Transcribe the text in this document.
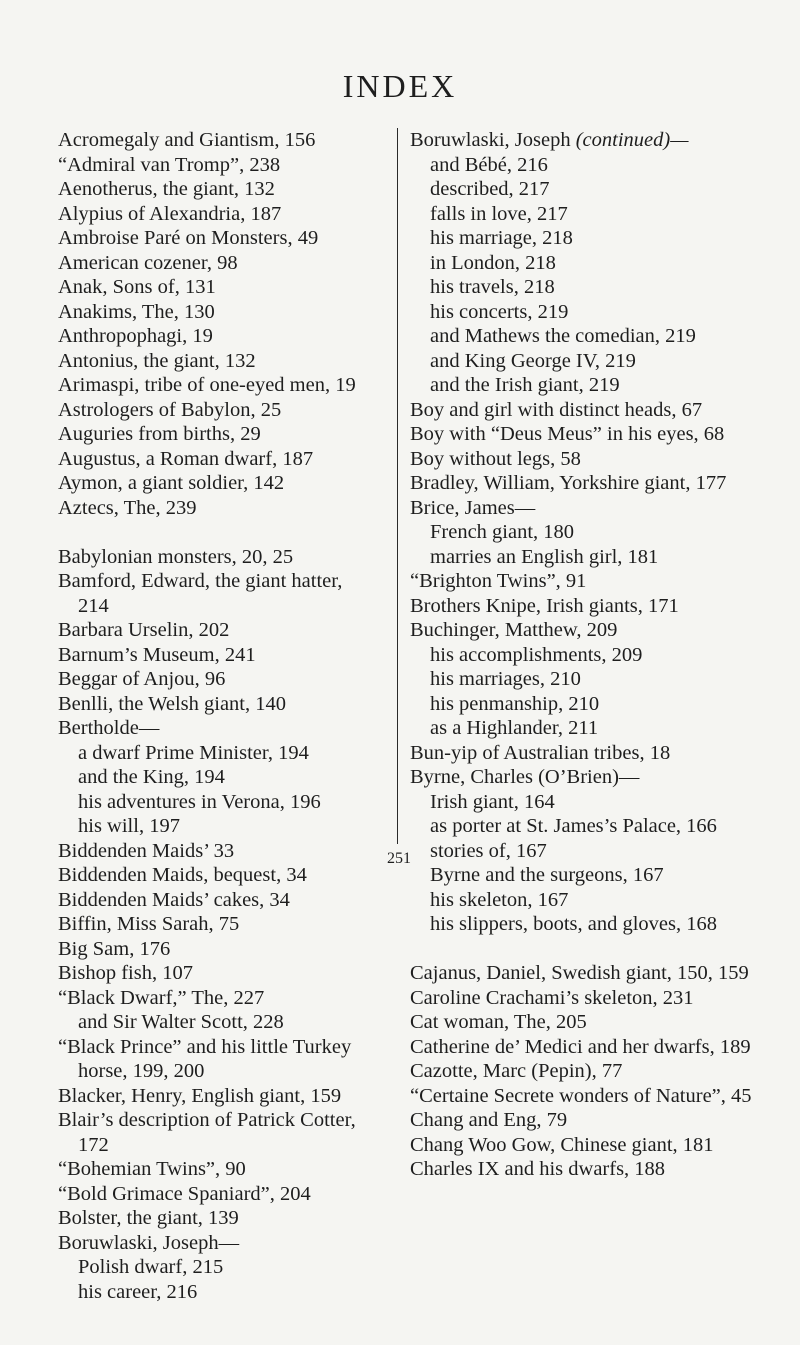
INDEX

Acromegaly and Giantism, 156

“Admiral van Tromp”, 238

Aenotherus, the giant, 132

Alypius of Alexandria, 187

Ambroise Paré on Monsters, 49

American cozener, 98

Anak, Sons of, 131

Anakims, The, 130

Anthropophagi, 19

Antonius, the giant, 132

Arimaspi, tribe of one-eyed men, 19

Astrologers of Babylon, 25

Auguries from births, 29

Augustus, a Roman dwarf, 187

Aymon, a giant soldier, 142

Aztecs, The, 239

Babylonian monsters, 20, 25

Bamford, Edward, the giant hatter, 214

Barbara Urselin, 202

Barnum’s Museum, 241

Beggar of Anjou, 96

Benlli, the Welsh giant, 140

Bertholde—

a dwarf Prime Minister, 194

and the King, 194

his adventures in Verona, 196

his will, 197

Biddenden Maids’ 33

Biddenden Maids, bequest, 34

Biddenden Maids’ cakes, 34

Biffin, Miss Sarah, 75

Big Sam, 176

Bishop fish, 107

“Black Dwarf,” The, 227

and Sir Walter Scott, 228

“Black Prince” and his little Turkey horse, 199, 200

Blacker, Henry, English giant, 159

Blair’s description of Patrick Cotter, 172

“Bohemian Twins”, 90

“Bold Grimace Spaniard”, 204

Bolster, the giant, 139

Boruwlaski, Joseph—

Polish dwarf, 215

his career, 216

Boruwlaski, Joseph (continued)—

and Bébé, 216

described, 217

falls in love, 217

his marriage, 218

in London, 218

his travels, 218

his concerts, 219

and Mathews the comedian, 219

and King George IV, 219

and the Irish giant, 219

Boy and girl with distinct heads, 67

Boy with “Deus Meus” in his eyes, 68

Boy without legs, 58

Bradley, William, Yorkshire giant, 177

Brice, James—

French giant, 180

marries an English girl, 181

“Brighton Twins”, 91

Brothers Knipe, Irish giants, 171

Buchinger, Matthew, 209

his accomplishments, 209

his marriages, 210

his penmanship, 210

as a Highlander, 211

Bun-yip of Australian tribes, 18

Byrne, Charles (O’Brien)—

Irish giant, 164

as porter at St. James’s Palace, 166

stories of, 167

Byrne and the surgeons, 167

his skeleton, 167

his slippers, boots, and gloves, 168

Cajanus, Daniel, Swedish giant, 150, 159

Caroline Crachami’s skeleton, 231

Cat woman, The, 205

Catherine de’ Medici and her dwarfs, 189

Cazotte, Marc (Pepin), 77

“Certaine Secrete wonders of Nature”, 45

Chang and Eng, 79

Chang Woo Gow, Chinese giant, 181

Charles IX and his dwarfs, 188

251
